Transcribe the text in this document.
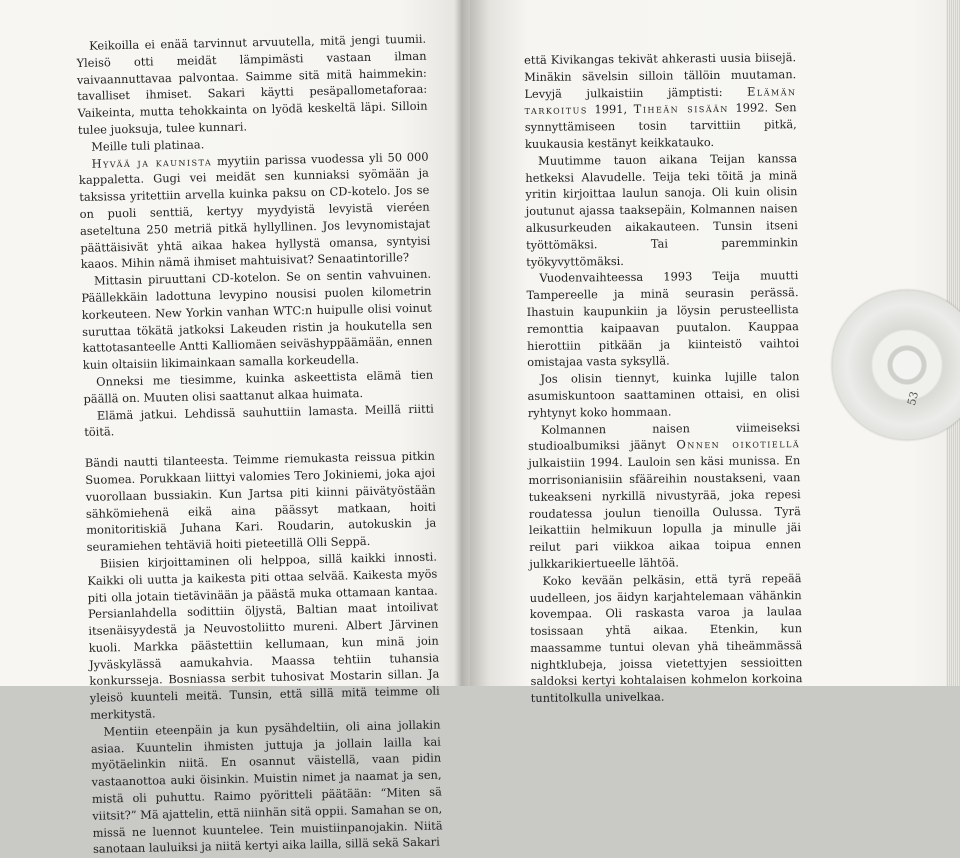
Keikoilla ei enää tarvinnut arvuutella, mitä jengi tuumii. Yleisö otti meidät lämpimästi vastaan ilman vaivaannuttavaa palvontaa. Saimme sitä mitä haimmekin: tavalliset ihmiset. Sakari käytti pesäpallometaforaa: Vaikeinta, mutta tehokkainta on lyödä keskeltä läpi. Silloin tulee juoksuja, tulee kunnari.

Meille tuli platinaa.

Hyvää ja kaunista myytiin parissa vuodessa yli 50 000 kappaletta. Gugi vei meidät sen kunniaksi syömään ja taksissa yritettiin arvella kuinka paksu on CD-kotelo. Jos se on puoli senttiä, kertyy myydyistä levyistä vieréen aseteltuna 250 metriä pitkä hyllyllinen. Jos levynomistajat päättäisivät yhtä aikaa hakea hyllystä omansa, syntyisi kaaos. Mihin nämä ihmiset mahtuisivat? Senaatintorille?

Mittasin piruuttani CD-kotelon. Se on sentin vahvuinen. Päällekkäin ladottuna levypino nousisi puolen kilometrin korkeuteen. New Yorkin vanhan WTC:n huipulle olisi voinut suruttaa tökätä jatkoksi Lakeuden ristin ja houkutella sen kattotasanteelle Antti Kalliomäen seiväshyppäämään, ennen kuin oltaisiin likimainkaan samalla korkeudella.

Onneksi me tiesimme, kuinka askeettista elämä tien päällä on. Muuten olisi saattanut alkaa huimata.

Elämä jatkui. Lehdissä sauhuttiin lamasta. Meillä riitti töitä.

Bändi nautti tilanteesta. Teimme riemukasta reissua pitkin Suomea. Porukkaan liittyi valomies Tero Jokiniemi, joka ajoi vuorollaan bussiakin. Kun Jartsa piti kiinni päivätyöstään sähkömiehenä eikä aina päässyt matkaan, hoiti monitoritiskiä Juhana Kari. Roudarin, autokuskin ja seuramiehen tehtäviä hoiti pieteetillä Olli Seppä.

Biisien kirjoittaminen oli helppoa, sillä kaikki innosti. Kaikki oli uutta ja kaikesta piti ottaa selvää. Kaikesta myös piti olla jotain tietävinään ja päästä muka ottamaan kantaa. Persianlahdella sodittiin öljystä, Baltian maat intoilivat itsenäisyydestä ja Neuvostoliitto mureni. Albert Järvinen kuoli. Markka päästettiin kellumaan, kun minä join Jyväskylässä aamukahvia. Maassa tehtiin tuhansia konkursseja. Bosniassa serbit tuhosivat Mostarin sillan. Ja yleisö kuunteli meitä. Tunsin, että sillä mitä teimme oli merkitystä.

Mentiin eteenpäin ja kun pysähdeltiin, oli aina jollakin asiaa. Kuuntelin ihmisten juttuja ja jollain lailla kai myötäelinkin niitä. En osannut väistellä, vaan pidin vastaanottoa auki öisinkin. Muistin nimet ja naamat ja sen, mistä oli puhuttu. Raimo pyöritteli päätään: “Miten sä viitsit?” Mä ajattelin, että niinhän sitä oppii. Samahan se on, missä ne luennot kuuntelee. Tein muistiinpanojakin. Niitä sanotaan lauluiksi ja niitä kertyi aika lailla, sillä sekä Sakari

että Kivikangas tekivät ahkerasti uusia biisejä. Minäkin sävelsin silloin tällöin muutaman. Levyjä julkaistiin jämptisti: Elämän tarkoitus 1991, Tiheän sisään 1992. Sen synnyttämiseen tosin tarvittiin pitkä, kuukausia kestänyt keikkatauko.

Muutimme tauon aikana Teijan kanssa hetkeksi Alavudelle. Teija teki töitä ja minä yritin kirjoittaa laulun sanoja. Oli kuin olisin joutunut ajassa taaksepäin, Kolmannen naisen alkusurkeuden aikakauteen. Tunsin itseni työttömäksi. Tai paremminkin työkyvyttömäksi.

Vuodenvaihteessa 1993 Teija muutti Tampereelle ja minä seurasin perässä. Ihastuin kaupunkiin ja löysin perusteellista remonttia kaipaavan puutalon. Kauppaa hierottiin pitkään ja kiinteistö vaihtoi omistajaa vasta syksyllä.

Jos olisin tiennyt, kuinka lujille talon asumiskuntoon saattaminen ottaisi, en olisi ryhtynyt koko hommaan.

Kolmannen naisen viimeiseksi studioalbumiksi jäänyt Onnen oikotiellä julkaistiin 1994. Lauloin sen käsi munissa. En morrisonianisiin sfääreihin noustakseni, vaan tukeakseni nyrkillä nivustyrää, joka repesi roudatessa joulun tienoilla Oulussa. Tyrä leikattiin helmikuun lopulla ja minulle jäi reilut pari viikkoa aikaa toipua ennen julkkarikiertueelle lähtöä.

Koko kevään pelkäsin, että tyrä repeää uudelleen, jos äidyn karjahtelemaan vähänkin kovempaa. Oli raskasta varoa ja laulaa tosissaan yhtä aikaa. Etenkin, kun maassamme tuntui olevan yhä tiheämmässä nightklubeja, joissa vietettyjen sessioitten saldoksi kertyi kohtalaisen kohmelon korkoina tuntitolkulla univelkaa.

53
